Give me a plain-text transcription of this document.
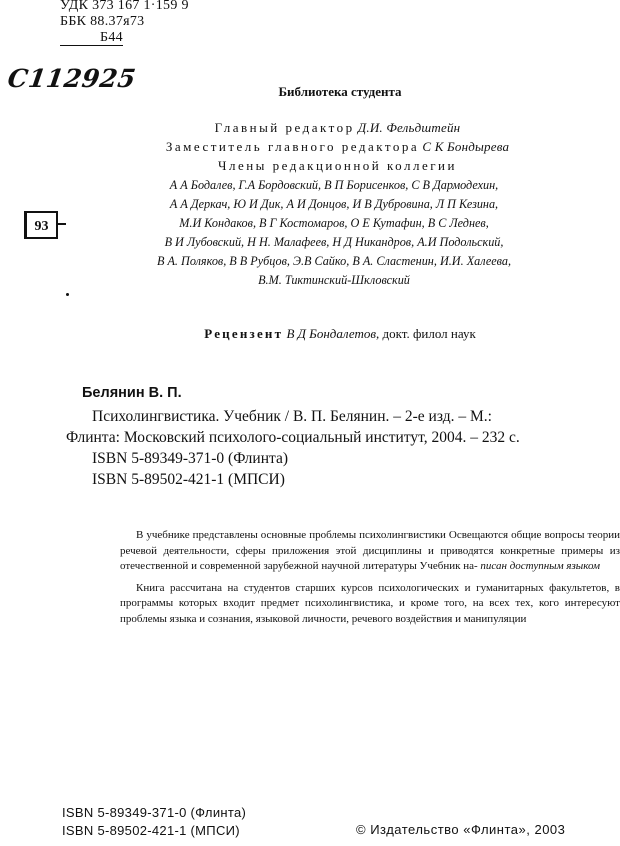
УДК 373 167 1·159 9
ББК 88.37я73
Б44
С112925	Библиотека студента
Главный редактор Д.И. Фельдштейн
Заместитель главного редактора С К Бондырева
Члены редакционной коллегии
А А Бодалев, Г.А Бордовский, В П Борисенков, С В Дармодехин,
А А Деркач, Ю И Дик, А И Донцов, И В Дубровина, Л П Кезина,
М.И Кондаков, В Г Костомаров, О Е Кутафин, В С Леднев,
В И Лубовский, Н Н. Малафеев, Н Д Никандров, А.И Подольский,
В А. Поляков, В В Рубцов, Э.В Сайко, В А. Сластенин, И.И. Халеева,
В.М. Тиктинский-Шкловский
93
Рецензент В Д Бондалетов, докт. филол наук
Белянин В. П.
Психолингвистика. Учебник / В. П. Белянин. – 2-е изд. – М.:
Флинта: Московский психолого-социальный институт, 2004. – 232 с.
ISBN 5-89349-371-0 (Флинта)
ISBN 5-89502-421-1 (МПСИ)

В учебнике представлены основные проблемы психолингвистики Освещаются общие вопросы теории речевой деятельности, сферы приложения этой дисциплины и приводятся конкретные примеры из отечественной и современной зарубежной научной литературы Учебник на- писан доступным языком

Книга рассчитана на студентов старших курсов психологических и гуманитарных факультетов, в программы которых входит предмет психолингвистика, и кроме того, на всех тех, кого интересуют проблемы языка и сознания, языковой личности, речевого воздействия и манипуляции

ISBN 5-89349-371-0 (Флинта)
ISBN 5-89502-421-1 (МПСИ)	© Издательство «Флинта», 2003
